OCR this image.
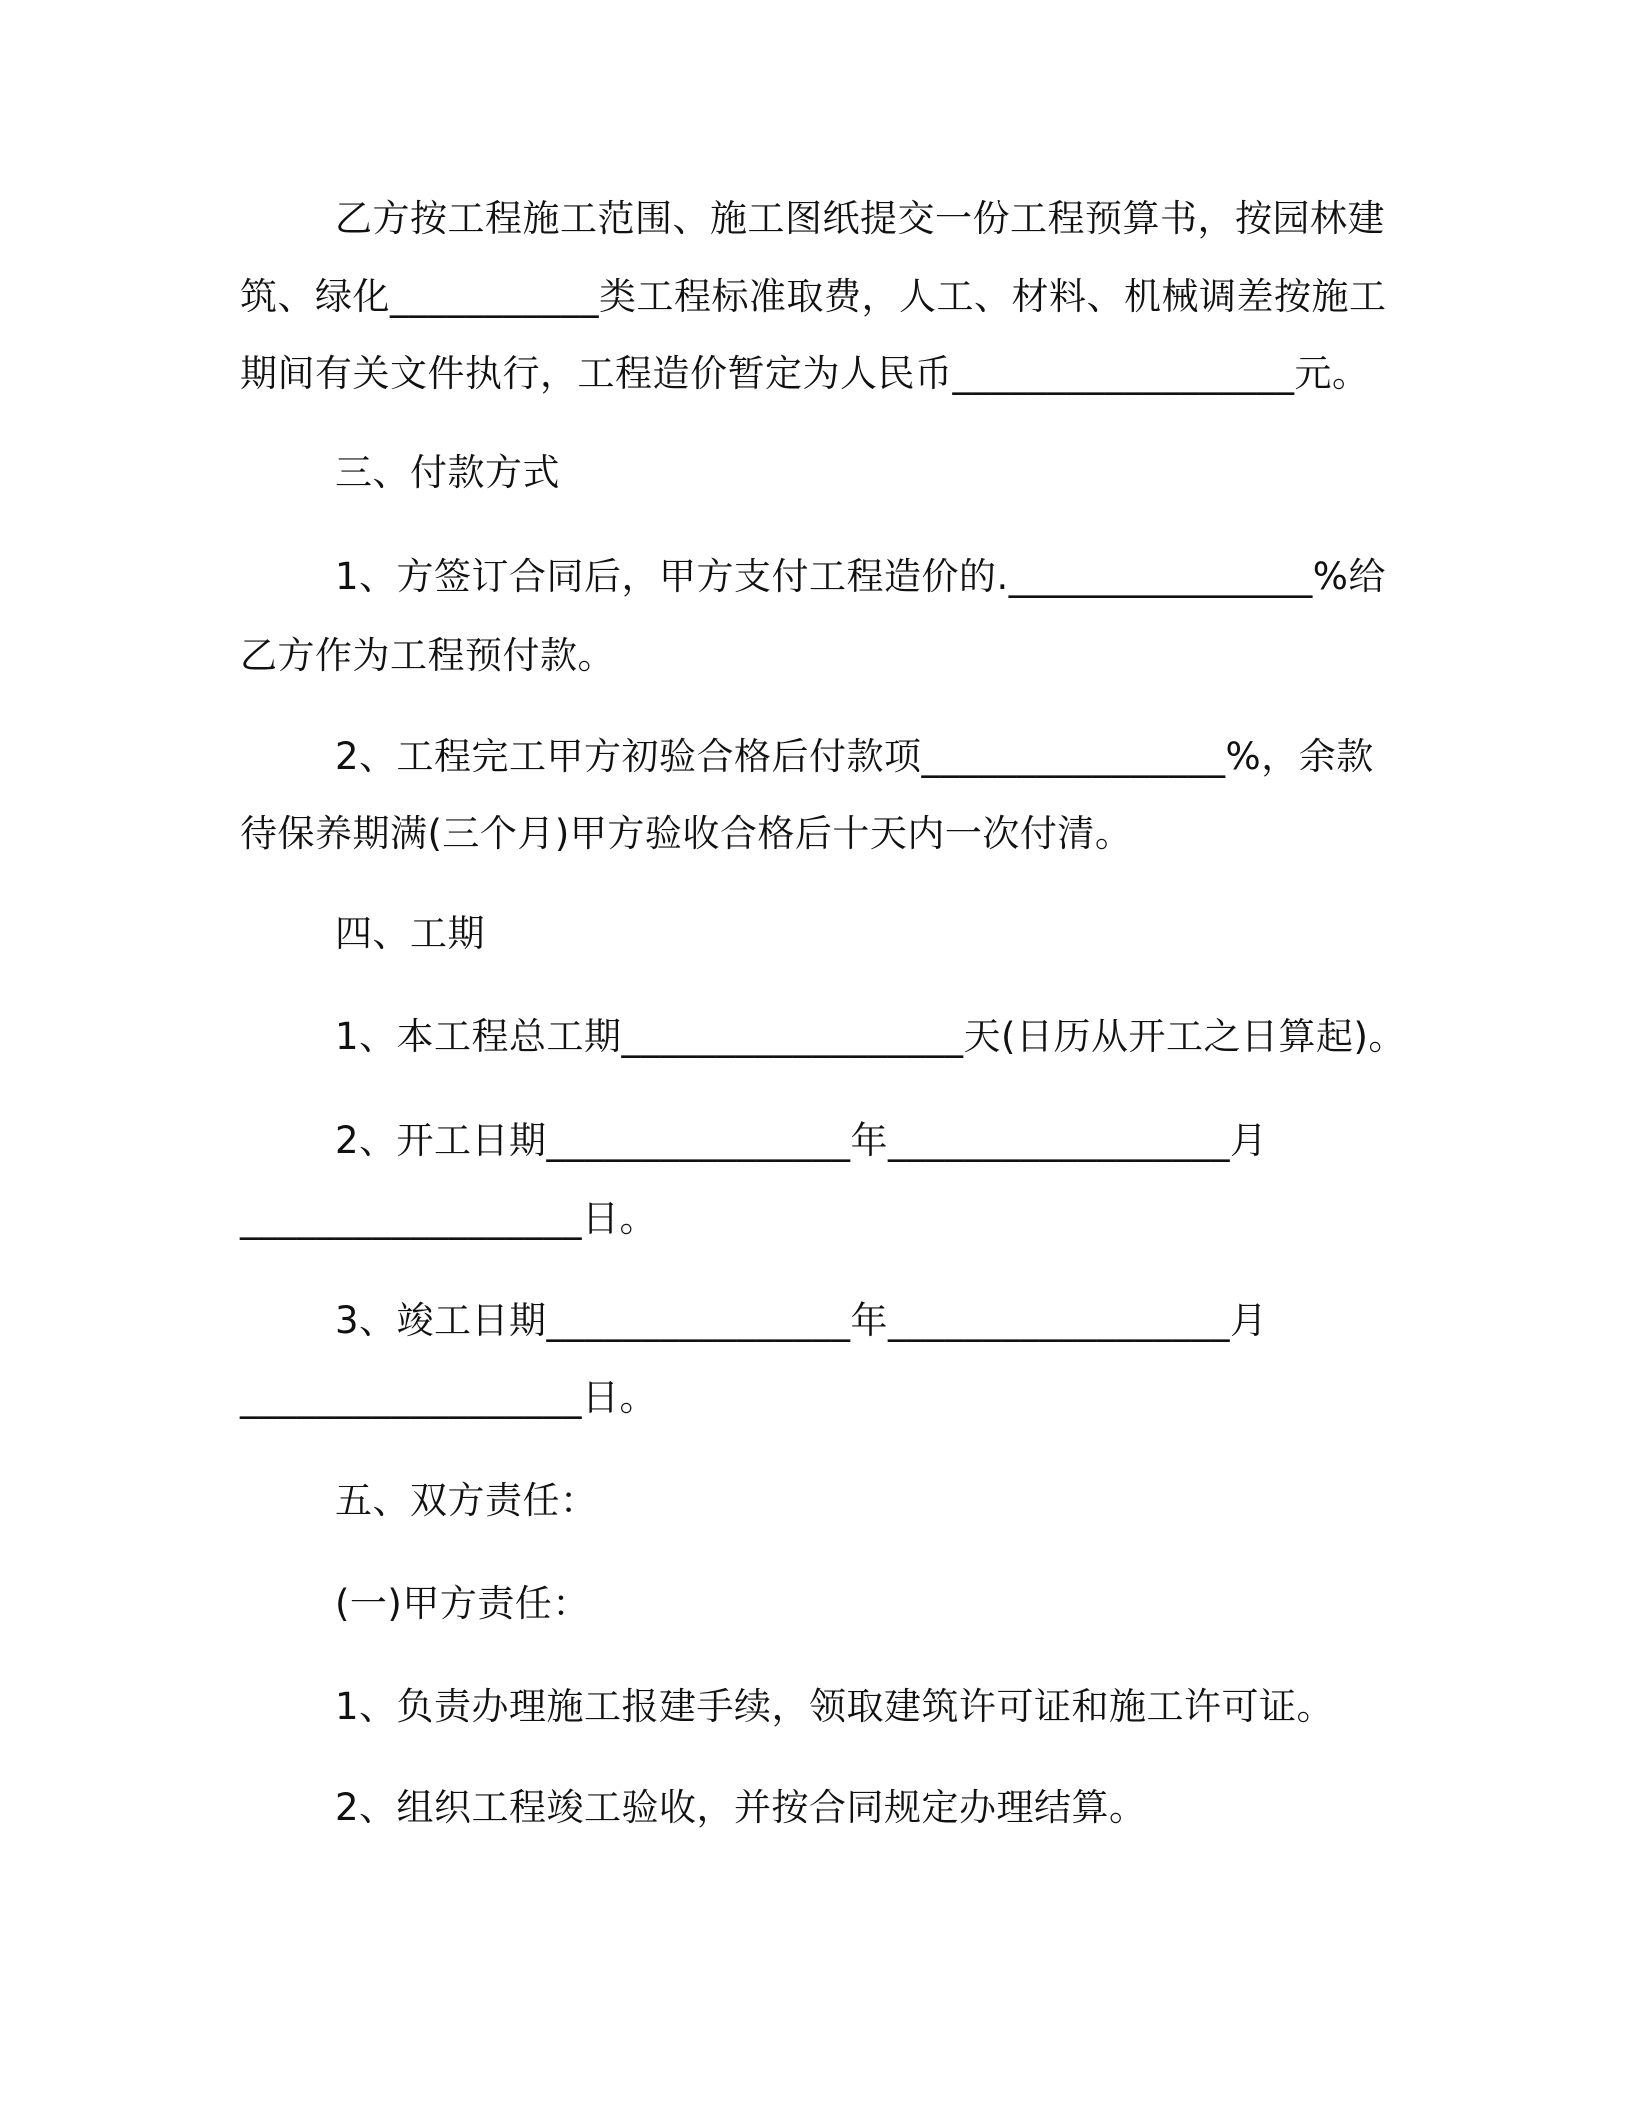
乙方按工程施工范围、施工图纸提交一份工程预算书，按园林建
筑、绿化___________类工程标准取费，人工、材料、机械调差按施工
期间有关文件执行，工程造价暂定为人民币__________________元。
三、付款方式
1、方签订合同后，甲方支付工程造价的.________________%给
乙方作为工程预付款。
2、工程完工甲方初验合格后付款项________________%，余款
待保养期满(三个月)甲方验收合格后十天内一次付清。
四、工期
1、本工程总工期__________________天(日历从开工之日算起)。
2、开工日期________________年__________________月
__________________日。
3、竣工日期________________年__________________月
__________________日。
五、双方责任：
(一)甲方责任：
1、负责办理施工报建手续，领取建筑许可证和施工许可证。
2、组织工程竣工验收，并按合同规定办理结算。
